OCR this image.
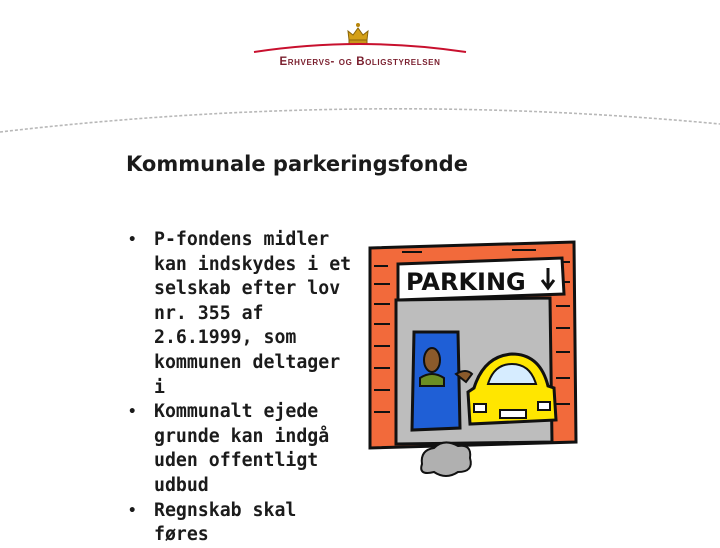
Erhvervs- og Boligstyrelsen
Kommunale parkeringsfonde
• P-fondens midler kan indskydes i et selskab efter lov nr. 355 af 2.6.1999, som kommunen deltager i
• Kommunalt ejede grunde kan indgå uden offentligt udbud
• Regnskab skal føres
PARKING
